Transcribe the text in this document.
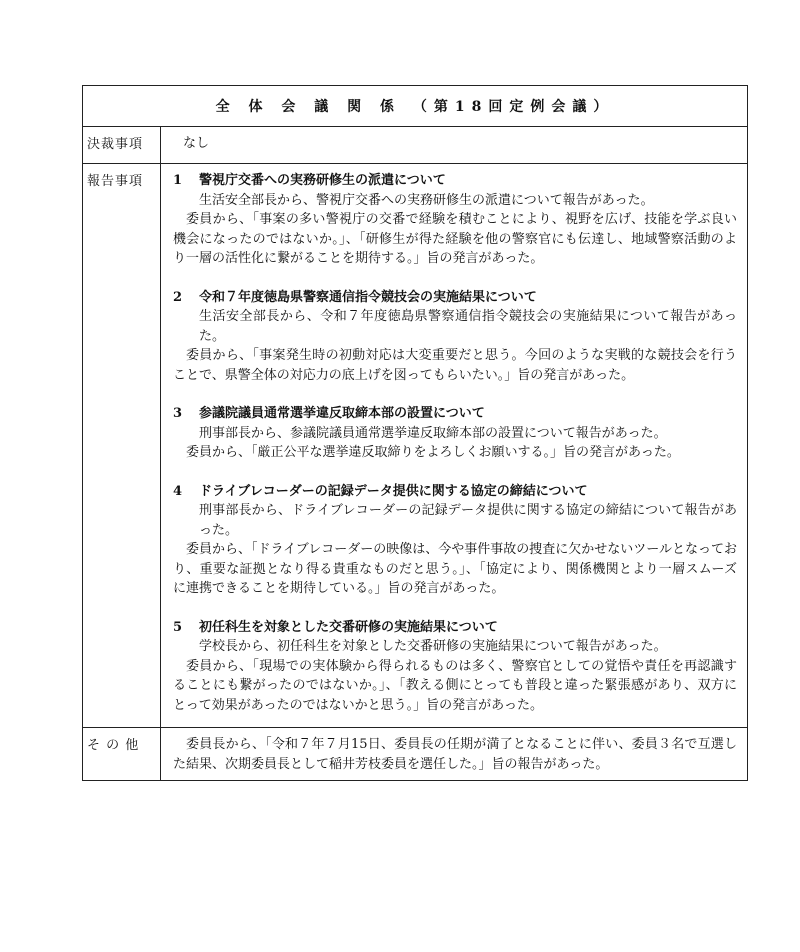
全 体 会 議 関 係 （第18回定例会議）
決裁事項	なし
報告事項	1 警視庁交番への実務研修生の派遣について

生活安全部長から、警視庁交番への実務研修生の派遣について報告があった。

委員から、「事案の多い警視庁の交番で経験を積むことにより、視野を広げ、技能を学ぶ良い機会になったのではないか。」、「研修生が得た経験を他の警察官にも伝達し、地域警察活動のより一層の活性化に繋がることを期待する。」旨の発言があった。

2 令和７年度徳島県警察通信指令競技会の実施結果について

生活安全部長から、令和７年度徳島県警察通信指令競技会の実施結果について報告があった。

委員から、「事案発生時の初動対応は大変重要だと思う。今回のような実戦的な競技会を行うことで、県警全体の対応力の底上げを図ってもらいたい。」旨の発言があった。

3 参議院議員通常選挙違反取締本部の設置について

刑事部長から、参議院議員通常選挙違反取締本部の設置について報告があった。

委員から、「厳正公平な選挙違反取締りをよろしくお願いする。」旨の発言があった。

4 ドライブレコーダーの記録データ提供に関する協定の締結について

刑事部長から、ドライブレコーダーの記録データ提供に関する協定の締結について報告があった。

委員から、「ドライブレコーダーの映像は、今や事件事故の捜査に欠かせないツールとなっており、重要な証拠となり得る貴重なものだと思う。」、「協定により、関係機関とより一層スムーズに連携できることを期待している。」旨の発言があった。

5 初任科生を対象とした交番研修の実施結果について

学校長から、初任科生を対象とした交番研修の実施結果について報告があった。

委員から、「現場での実体験から得られるものは多く、警察官としての覚悟や責任を再認識することにも繋がったのではないか。」、「教える側にとっても普段と違った緊張感があり、双方にとって効果があったのではないかと思う。」旨の発言があった。

そ の 他	委員長から、「令和７年７月15日、委員長の任期が満了となることに伴い、委員３名で互選した結果、次期委員長として稲井芳枝委員を選任した。」旨の報告があった。
